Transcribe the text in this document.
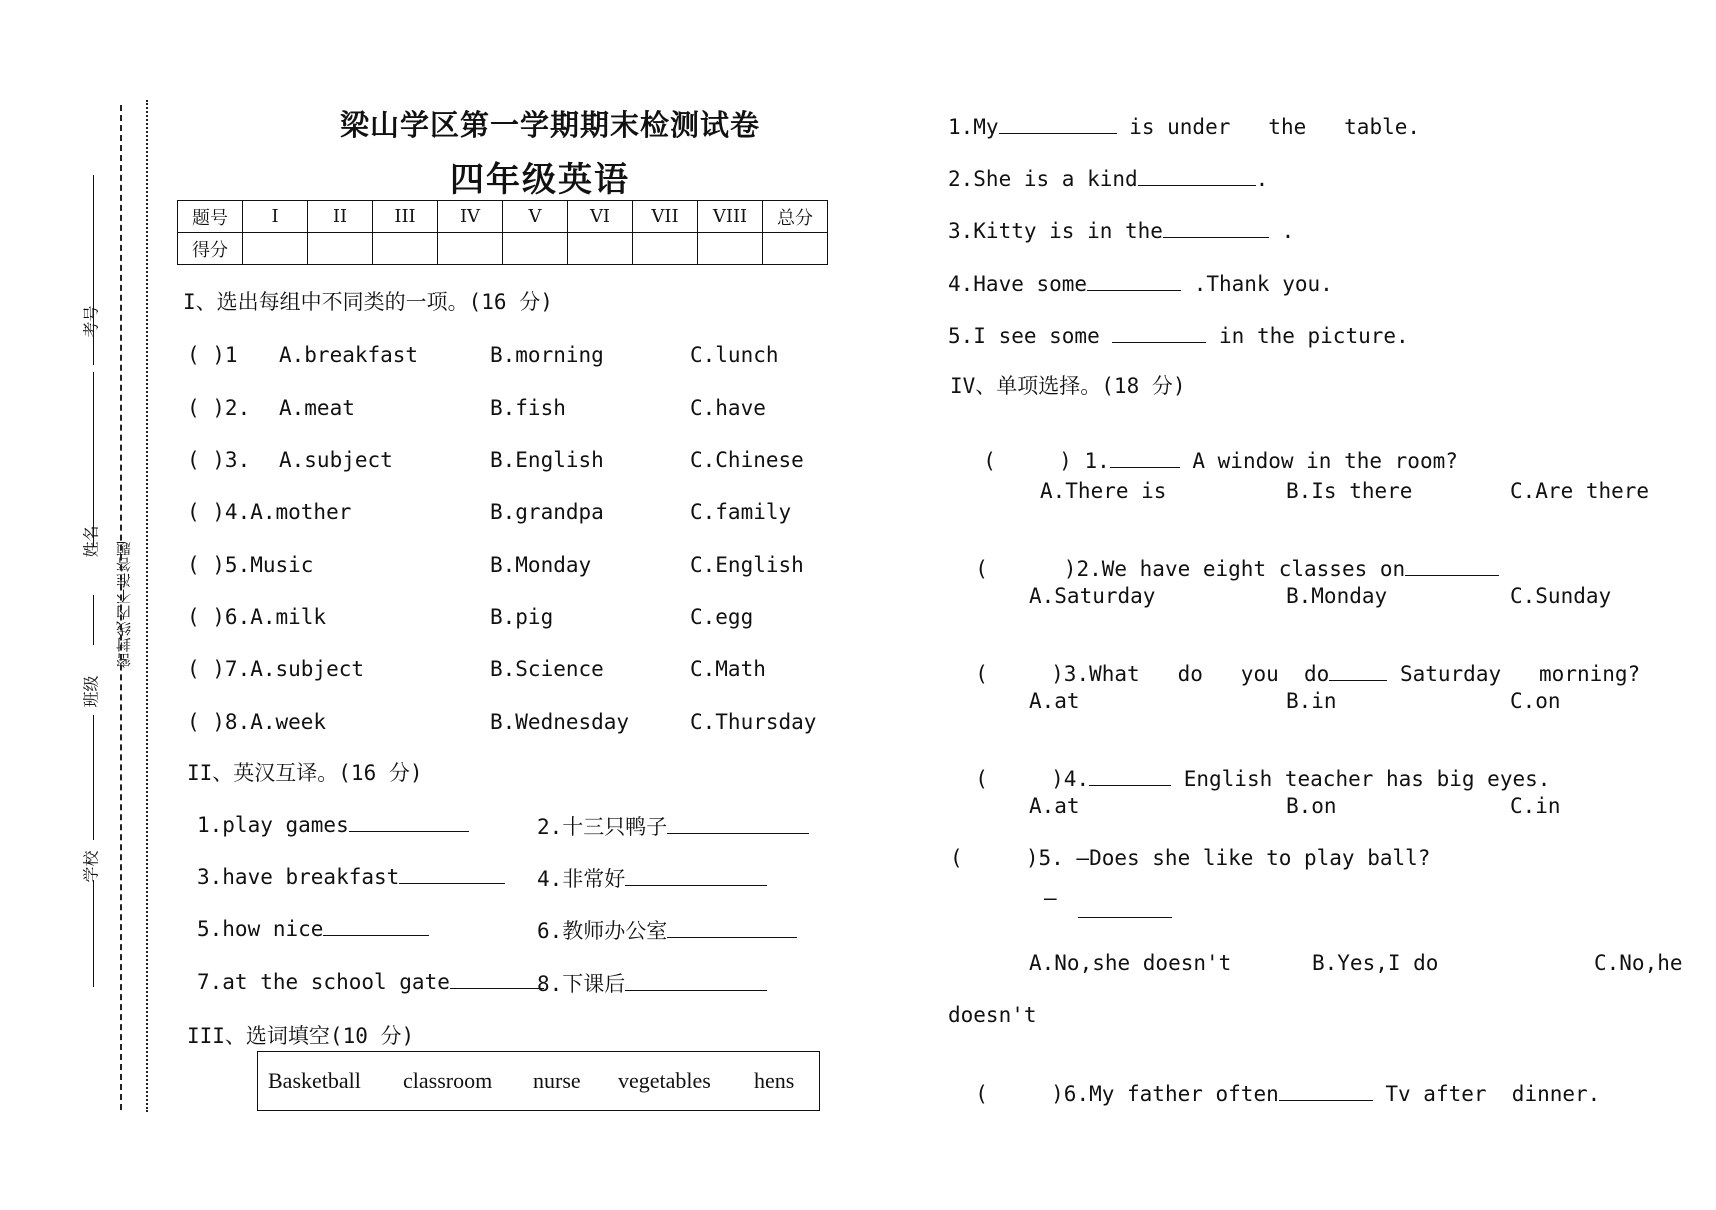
考号
姓名
班级
学校
密封线内不准答题
梁山学区第一学期期末检测试卷
四年级英语
题号	I	II	III	IV	V	VI	VII	VIII	总分
得分									
I、选出每组中不同类的一项。(16 分)
( )1 A.breakfast	B.morning	C.lunch
( )2. A.meat	B.fish	C.have
( )3. A.subject	B.English	C.Chinese
( )4.A.mother	B.grandpa	C.family
( )5.Music	B.Monday	C.English
( )6.A.milk	B.pig	C.egg
( )7.A.subject	B.Science	C.Math
( )8.A.week	B.Wednesday	C.Thursday
II、英汉互译。(16 分)
1.play games	2.十三只鸭子
3.have breakfast	4.非常好
5.how nice	6.教师办公室
7.at the school gate	8.下课后
III、选词填空(10 分)
Basketball classroom nurse vegetables hens
1.My	is under   the   table.
2.She is a kind	.
3.Kitty is in the	.
4.Have some	.Thank you.
5.I see some	in the picture.
IV、单项选择。(18 分)

(     ) 1.	A window in the room?

A.There is	B.Is there	C.Are there

(      )2.We have eight classes on

A.Saturday	B.Monday	C.Sunday

(     )3.What   do   you  do	Saturday   morning?

A.at	B.in	C.on

(     )4.	English teacher has big eyes.

A.at	B.on	C.in
(     )5. —Does she like to play ball?
—
A.No,she doesn't	B.Yes,I do	C.No,he
doesn't

(     )6.My father often	Tv after  dinner.
